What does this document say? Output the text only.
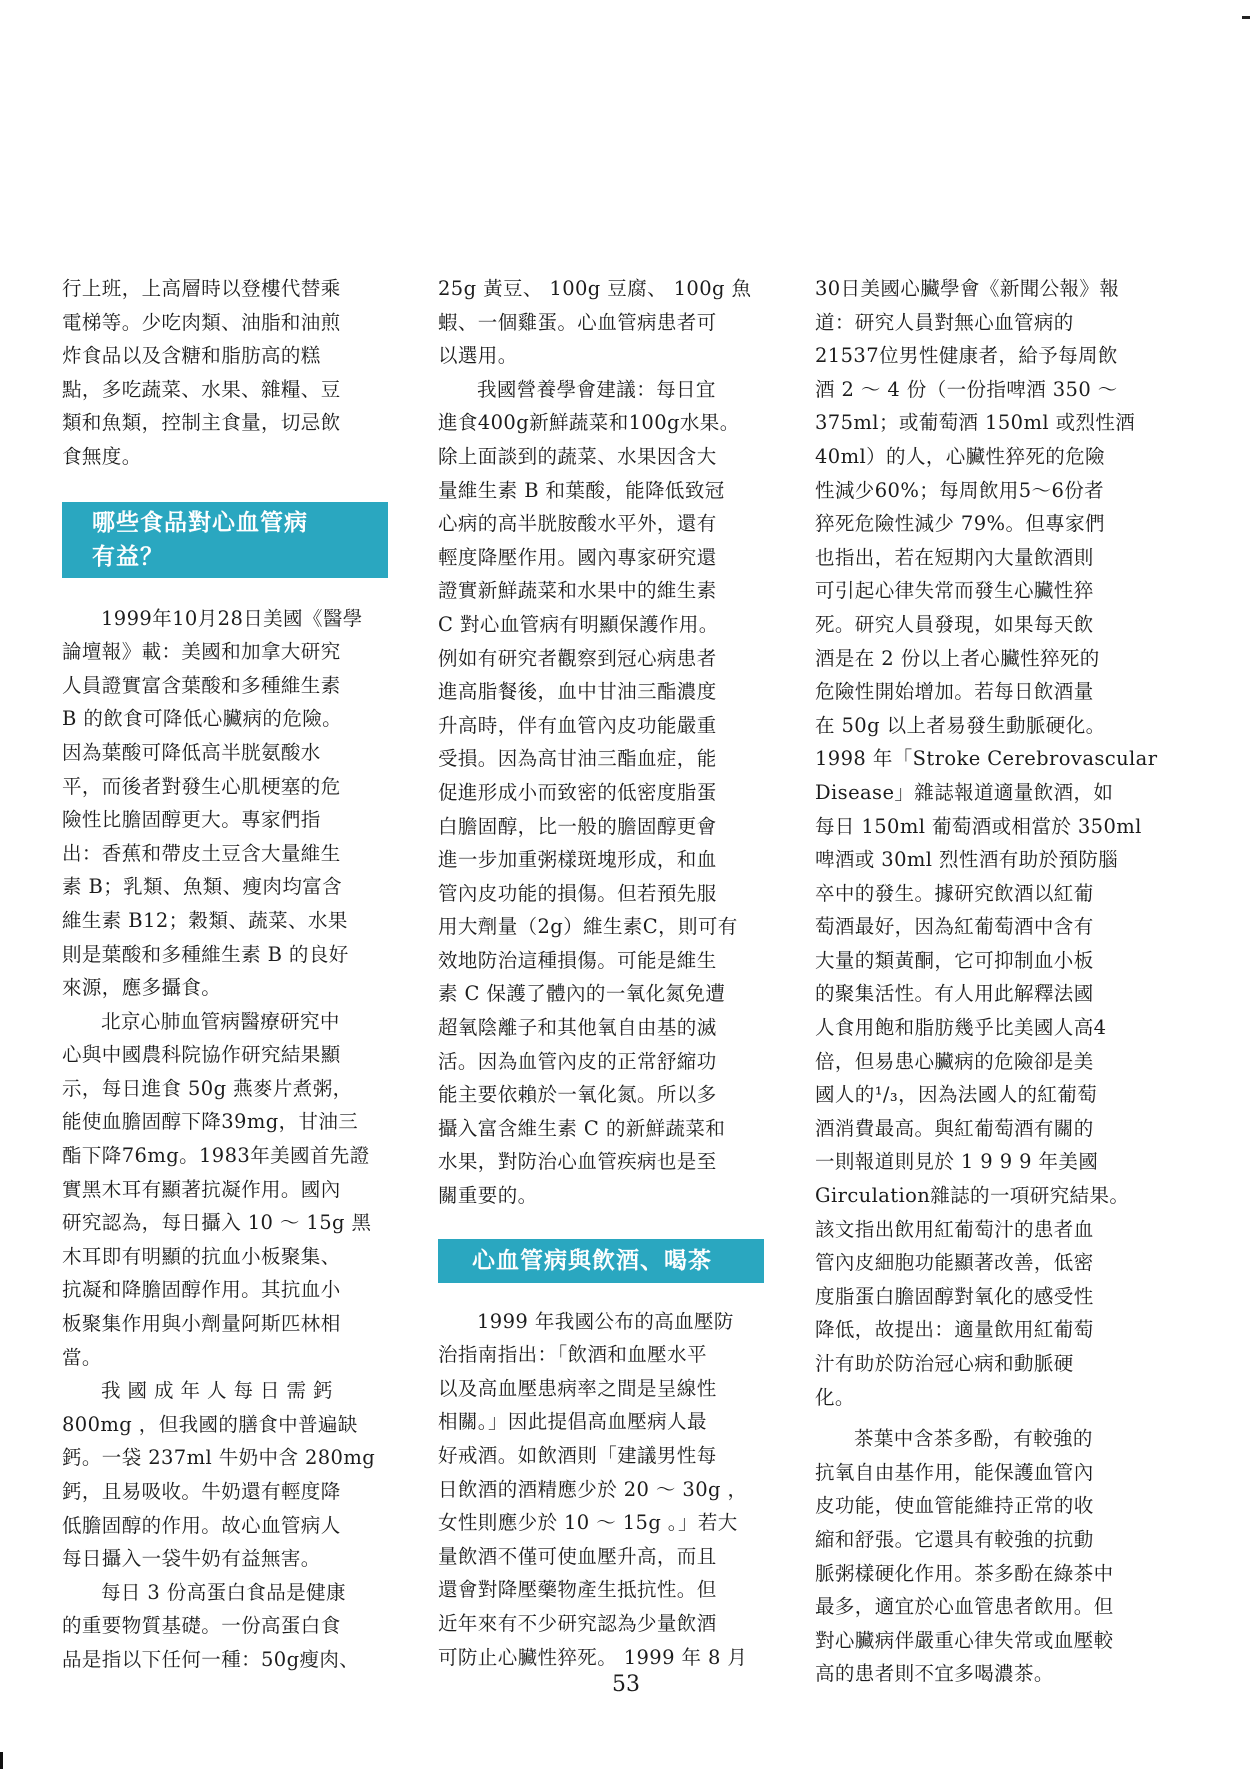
行上班，上高層時以登樓代替乘
電梯等。少吃肉類、油脂和油煎
炸食品以及含糖和脂肪高的糕
點，多吃蔬菜、水果、雜糧、豆
類和魚類，控制主食量，切忌飲
食無度。
哪些食品對心血管病
有益？
1999年10月28日美國《醫學
論壇報》載：美國和加拿大研究
人員證實富含葉酸和多種維生素
B 的飲食可降低心臟病的危險。
因為葉酸可降低高半胱氨酸水
平，而後者對發生心肌梗塞的危
險性比膽固醇更大。專家們指
出：香蕉和帶皮土豆含大量維生
素 B；乳類、魚類、瘦肉均富含
維生素 B12；穀類、蔬菜、水果
則是葉酸和多種維生素 B 的良好
來源，應多攝食。
北京心肺血管病醫療研究中
心與中國農科院協作研究結果顯
示，每日進食 50g 燕麥片煮粥，
能使血膽固醇下降39mg，甘油三
酯下降76mg。1983年美國首先證
實黑木耳有顯著抗凝作用。國內
研究認為，每日攝入 10 ～ 15g 黑
木耳即有明顯的抗血小板聚集、
抗凝和降膽固醇作用。其抗血小
板聚集作用與小劑量阿斯匹林相
當。
我 國 成 年 人 每 日 需 鈣
800mg ，但我國的膳食中普遍缺
鈣。一袋 237ml 牛奶中含 280mg
鈣，且易吸收。牛奶還有輕度降
低膽固醇的作用。故心血管病人
每日攝入一袋牛奶有益無害。
每日 3 份高蛋白食品是健康
的重要物質基礎。一份高蛋白食
品是指以下任何一種：50g瘦肉、
25g 黃豆、 100g 豆腐、 100g 魚
蝦、一個雞蛋。心血管病患者可
以選用。
我國營養學會建議：每日宜
進食400g新鮮蔬菜和100g水果。
除上面談到的蔬菜、水果因含大
量維生素 B 和葉酸，能降低致冠
心病的高半胱胺酸水平外，還有
輕度降壓作用。國內專家研究還
證實新鮮蔬菜和水果中的維生素
C 對心血管病有明顯保護作用。
例如有研究者觀察到冠心病患者
進高脂餐後，血中甘油三酯濃度
升高時，伴有血管內皮功能嚴重
受損。因為高甘油三酯血症，能
促進形成小而致密的低密度脂蛋
白膽固醇，比一般的膽固醇更會
進一步加重粥樣斑塊形成，和血
管內皮功能的損傷。但若預先服
用大劑量（2g）維生素C，則可有
效地防治這種損傷。可能是維生
素 C 保護了體內的一氧化氮免遭
超氧陰離子和其他氧自由基的滅
活。因為血管內皮的正常舒縮功
能主要依賴於一氧化氮。所以多
攝入富含維生素 C 的新鮮蔬菜和
水果，對防治心血管疾病也是至
關重要的。
心血管病與飲酒、喝茶
1999 年我國公布的高血壓防
治指南指出：「飲酒和血壓水平
以及高血壓患病率之間是呈線性
相關。」因此提倡高血壓病人最
好戒酒。如飲酒則「建議男性每
日飲酒的酒精應少於 20 ～ 30g ，
女性則應少於 10 ～ 15g 。」若大
量飲酒不僅可使血壓升高，而且
還會對降壓藥物產生抵抗性。但
近年來有不少研究認為少量飲酒
可防止心臟性猝死。 1999 年 8 月
30日美國心臟學會《新聞公報》報
道：研究人員對無心血管病的
21537位男性健康者，給予每周飲
酒 2 ～ 4 份（一份指啤酒 350 ～
375ml；或葡萄酒 150ml 或烈性酒
40ml）的人，心臟性猝死的危險
性減少60%；每周飲用5～6份者
猝死危險性減少 79%。但專家們
也指出，若在短期內大量飲酒則
可引起心律失常而發生心臟性猝
死。研究人員發現，如果每天飲
酒是在 2 份以上者心臟性猝死的
危險性開始增加。若每日飲酒量
在 50g 以上者易發生動脈硬化。
1998 年「Stroke Cerebrovascular
Disease」雜誌報道適量飲酒，如
每日 150ml 葡萄酒或相當於 350ml
啤酒或 30ml 烈性酒有助於預防腦
卒中的發生。據研究飲酒以紅葡
萄酒最好，因為紅葡萄酒中含有
大量的類黃酮，它可抑制血小板
的聚集活性。有人用此解釋法國
人食用飽和脂肪幾乎比美國人高4
倍，但易患心臟病的危險卻是美
國人的¹/₃，因為法國人的紅葡萄
酒消費最高。與紅葡萄酒有關的
一則報道則見於 1 9 9 9 年美國
Girculation雜誌的一項研究結果。
該文指出飲用紅葡萄汁的患者血
管內皮細胞功能顯著改善，低密
度脂蛋白膽固醇對氧化的感受性
降低，故提出：適量飲用紅葡萄
汁有助於防治冠心病和動脈硬
化。
茶葉中含茶多酚，有較強的
抗氧自由基作用，能保護血管內
皮功能，使血管能維持正常的收
縮和舒張。它還具有較強的抗動
脈粥樣硬化作用。茶多酚在綠茶中
最多，適宜於心血管患者飲用。但
對心臟病伴嚴重心律失常或血壓較
高的患者則不宜多喝濃茶。
53
